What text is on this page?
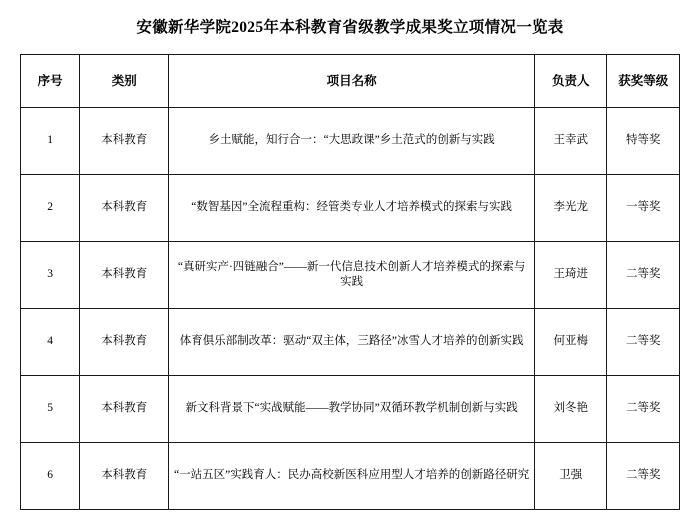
安徽新华学院2025年本科教育省级教学成果奖立项情况一览表
序号	类别	项目名称	负责人	获奖等级
1	本科教育	乡土赋能，知行合一：“大思政课”乡土范式的创新与实践	王幸武	特等奖
2	本科教育	“数智基因”全流程重构：经管类专业人才培养模式的探索与实践	李光龙	一等奖
3	本科教育	“真研实产·四链融合”——新一代信息技术创新人才培养模式的探索与实践	王琦进	二等奖
4	本科教育	体育俱乐部制改革：驱动“双主体，三路径”冰雪人才培养的创新实践	何亚梅	二等奖
5	本科教育	新文科背景下“实战赋能——教学协同”双循环教学机制创新与实践	刘冬艳	二等奖
6	本科教育	“一站五区”实践育人：民办高校新医科应用型人才培养的创新路径研究	卫强	二等奖
